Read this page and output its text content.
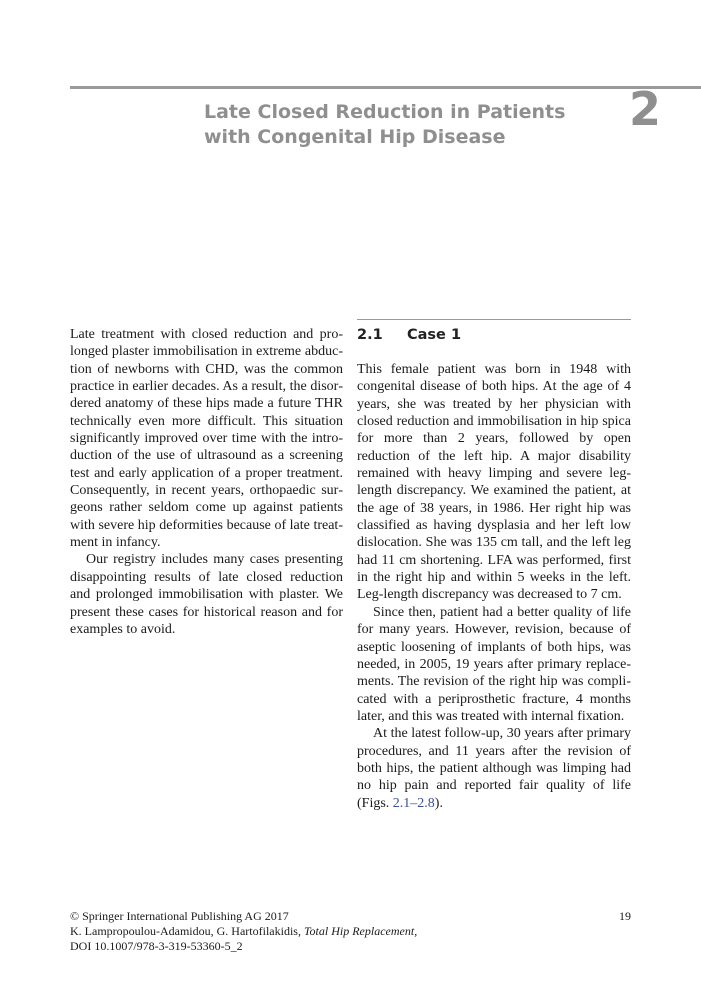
Late Closed Reduction in Patients
with Congenital Hip Disease
2

Late treatment with closed reduction and prolonged plaster immobilisation in extreme abduction of newborns with CHD, was the common practice in earlier decades. As a result, the disordered anatomy of these hips made a future THR technically even more difficult. This situation significantly improved over time with the introduction of the use of ultrasound as a screening test and early application of a proper treatment. Consequently, in recent years, orthopaedic surgeons rather seldom come up against patients with severe hip deformities because of late treatment in infancy.

Our registry includes many cases presenting disappointing results of late closed reduction and prolonged immobilisation with plaster. We present these cases for historical reason and for examples to avoid.

2.1 Case 1

This female patient was born in 1948 with congenital disease of both hips. At the age of 4 years, she was treated by her physician with closed reduction and immobilisation in hip spica for more than 2 years, followed by open reduction of the left hip. A major disability remained with heavy limping and severe leg-length discrepancy. We examined the patient, at the age of 38 years, in 1986. Her right hip was classified as having dysplasia and her left low dislocation. She was 135 cm tall, and the left leg had 11 cm shortening. LFA was performed, first in the right hip and within 5 weeks in the left. Leg-length discrepancy was decreased to 7 cm.

Since then, patient had a better quality of life for many years. However, revision, because of aseptic loosening of implants of both hips, was needed, in 2005, 19 years after primary replacements. The revision of the right hip was complicated with a periprosthetic fracture, 4 months later, and this was treated with internal fixation.

At the latest follow-up, 30 years after primary procedures, and 11 years after the revision of both hips, the patient although was limping had no hip pain and reported fair quality of life (Figs. 2.1–2.8).

© Springer International Publishing AG 2017
K. Lampropoulou-Adamidou, G. Hartofilakidis, Total Hip Replacement,
DOI 10.1007/978-3-319-53360-5_2
19
